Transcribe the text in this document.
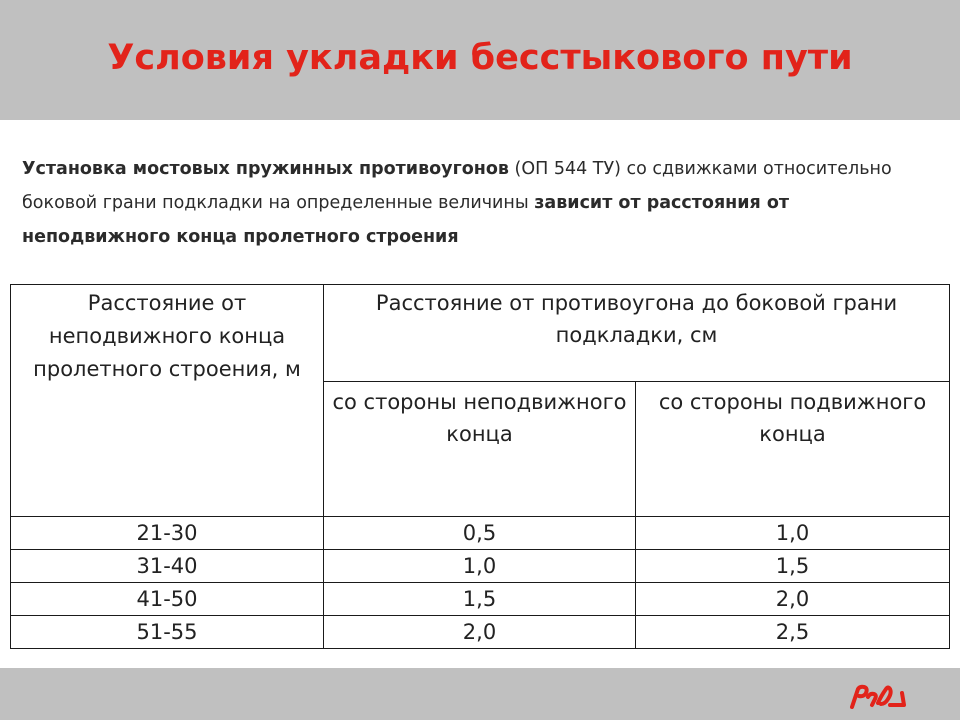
Условия укладки бесстыкового пути

Установка мостовых пружинных противоугонов (ОП 544 ТУ) со сдвижками относительно боковой грани подкладки на определенные величины зависит от расстояния от неподвижного конца пролетного строения

Расстояние от неподвижного конца пролетного строения, м	Расстояние от противоугона до боковой грани
подкладки, см	
	со стороны неподвижного конца	со стороны подвижного конца
21-30	0,5	1,0
31-40	1,0	1,5
41-50	1,5	2,0
51-55	2,0	2,5
